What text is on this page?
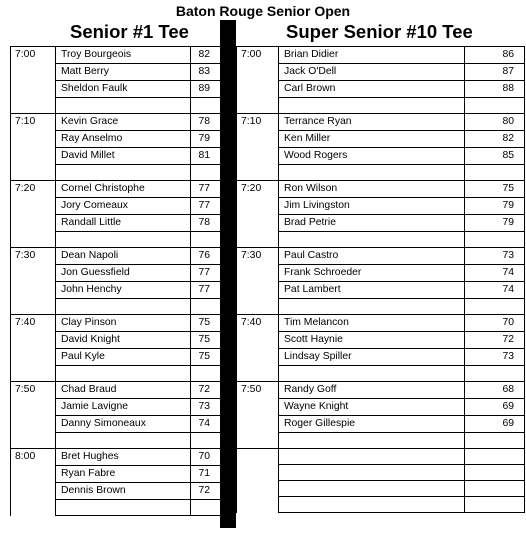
Baton Rouge Senior Open
Senior #1 Tee	Super Senior #10 Tee
7:00	Troy Bourgeois	82
	Matt Berry	83
	Sheldon Faulk	89

7:10	Kevin Grace	78
	Ray Anselmo	79
	David Millet	81

7:20	Cornel Christophe	77
	Jory Comeaux	77
	Randall Little	78

7:30	Dean Napoli	76
	Jon Guessfield	77
	John Henchy	77

7:40	Clay Pinson	75
	David Knight	75
	Paul Kyle	75

7:50	Chad Braud	72
	Jamie Lavigne	73
	Danny Simoneaux	74

8:00	Bret Hughes	70
	Ryan Fabre	71
	Dennis Brown	72

7:00	Brian Didier	86
	Jack O'Dell	87
	Carl Brown	88

7:10	Terrance Ryan	80
	Ken Miller	82
	Wood Rogers	85

7:20	Ron Wilson	75
	Jim Livingston	79
	Brad Petrie	79

7:30	Paul Castro	73
	Frank Schroeder	74
	Pat Lambert	74

7:40	Tim Melancon	70
	Scott Haynie	72
	Lindsay Spiller	73

7:50	Randy Goff	68
	Wayne Knight	69
	Roger Gillespie	69
